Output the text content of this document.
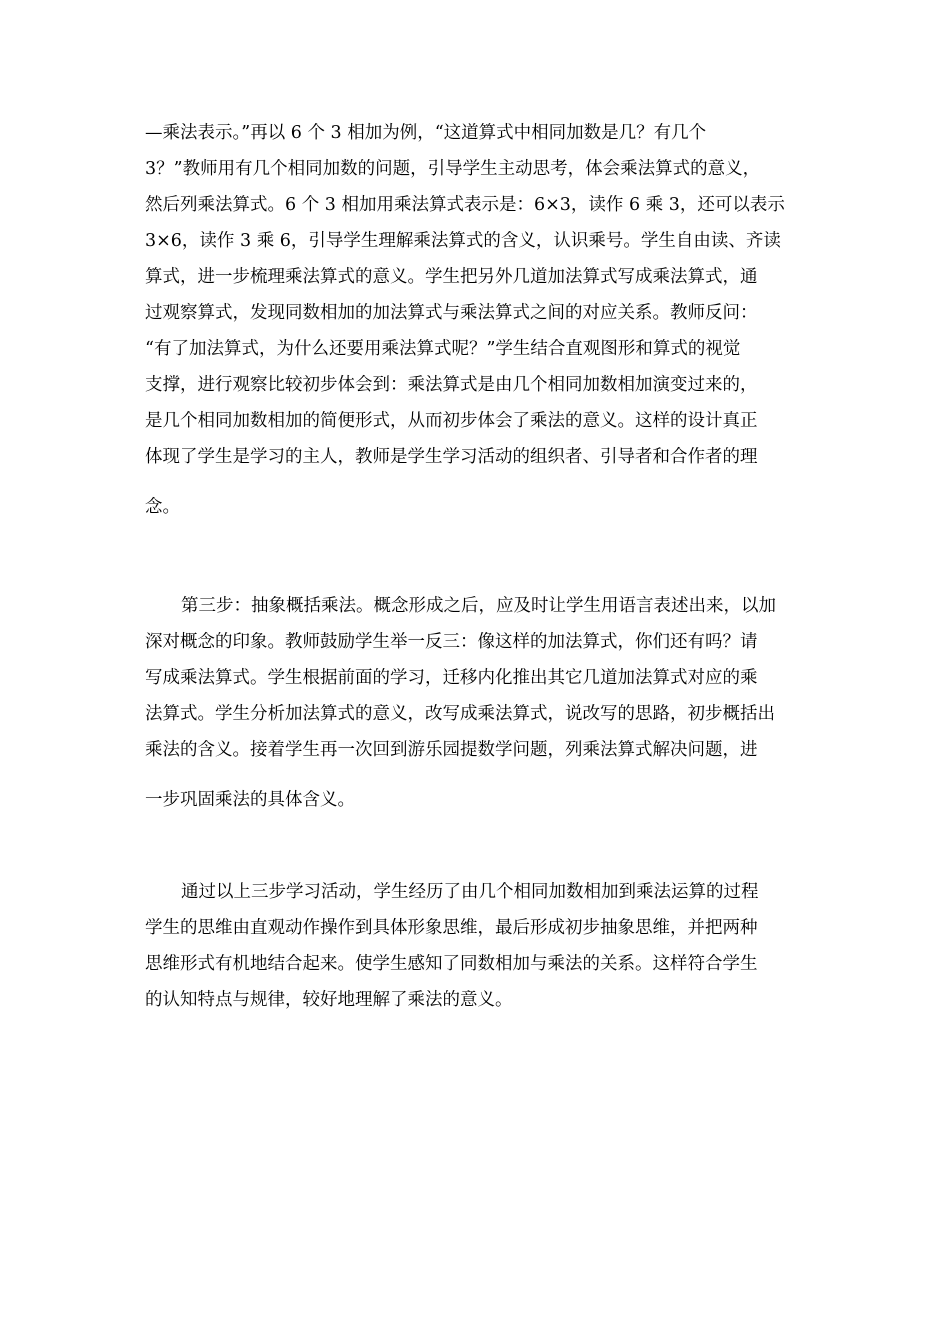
—乘法表示。”再以 6 个 3 相加为例，“这道算式中相同加数是几？有几个
3？”教师用有几个相同加数的问题，引导学生主动思考，体会乘法算式的意义，
然后列乘法算式。6 个 3 相加用乘法算式表示是：6×3，读作 6 乘 3，还可以表示
3×6，读作 3 乘 6，引导学生理解乘法算式的含义，认识乘号。学生自由读、齐读
算式，进一步梳理乘法算式的意义。学生把另外几道加法算式写成乘法算式，通
过观察算式，发现同数相加的加法算式与乘法算式之间的对应关系。教师反问：
“有了加法算式，为什么还要用乘法算式呢？”学生结合直观图形和算式的视觉
支撑，进行观察比较初步体会到：乘法算式是由几个相同加数相加演变过来的，
是几个相同加数相加的简便形式，从而初步体会了乘法的意义。这样的设计真正
体现了学生是学习的主人，教师是学生学习活动的组织者、引导者和合作者的理
念。
第三步：抽象概括乘法。概念形成之后，应及时让学生用语言表述出来，以加
深对概念的印象。教师鼓励学生举一反三：像这样的加法算式，你们还有吗？请
写成乘法算式。学生根据前面的学习，迁移内化推出其它几道加法算式对应的乘
法算式。学生分析加法算式的意义，改写成乘法算式，说改写的思路，初步概括出
乘法的含义。接着学生再一次回到游乐园提数学问题，列乘法算式解决问题，进
一步巩固乘法的具体含义。
通过以上三步学习活动，学生经历了由几个相同加数相加到乘法运算的过程
学生的思维由直观动作操作到具体形象思维，最后形成初步抽象思维，并把两种
思维形式有机地结合起来。使学生感知了同数相加与乘法的关系。这样符合学生
的认知特点与规律，较好地理解了乘法的意义。
